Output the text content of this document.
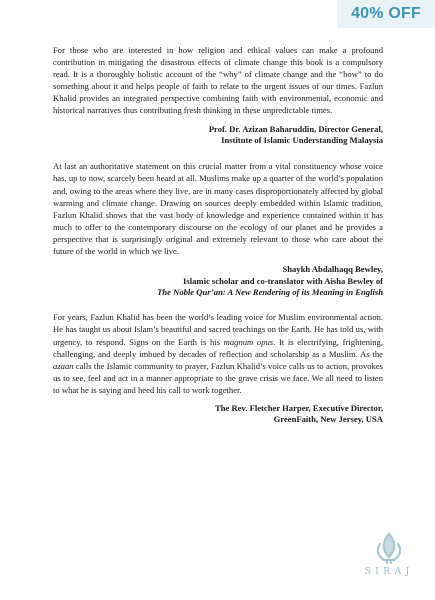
40% OFF

For those who are interested in how religion and ethical values can make a profound contribution in mitigating the disastrous effects of climate change this book is a compulsory read. It is a thoroughly holistic account of the “why” of climate change and the “how” to do something about it and helps people of faith to relate to the urgent issues of our times. Fazlun Khalid provides an integrated perspective combining faith with environmental, economic and historical narratives thus contributing fresh thinking in these unpredictable times.

Prof. Dr. Azizan Baharuddin, Director General,
Institute of Islamic Understanding Malaysia

At last an authoritative statement on this crucial matter from a vital constituency whose voice has, up to now, scarcely been heard at all. Muslims make up a quarter of the world’s population and, owing to the areas where they live, are in many cases disproportionately affected by global warming and climate change. Drawing on sources deeply embedded within Islamic tradition, Fazlun Khalid shows that the vast body of knowledge and experience contained within it has much to offer to the contemporary discourse on the ecology of our planet and he provides a perspective that is surprisingly original and extremely relevant to those who care about the future of the world in which we live.

Shaykh Abdalhaqq Bewley,
Islamic scholar and co-translator with Aisha Bewley of
The Noble Qur’an: A New Rendering of its Meaning in English

For years, Fazlun Khalid has been the world’s leading voice for Muslim environmental action. He has taught us about Islam’s beautiful and sacred teachings on the Earth. He has told us, with urgency, to respond. Signs on the Earth is his magnum opus. It is electrifying, frightening, challenging, and deeply imbued by decades of reflection and scholarship as a Muslim. As the azaan calls the Islamic community to prayer, Fazlun Khalid’s voice calls us to action, provokes us to see, feel and act in a manner appropriate to the grave crisis we face. We all need to listen to what he is saying and heed his call to work together.

The Rev. Fletcher Harper, Executive Director,
GreenFaith, New Jersey, USA
SIRAJ
